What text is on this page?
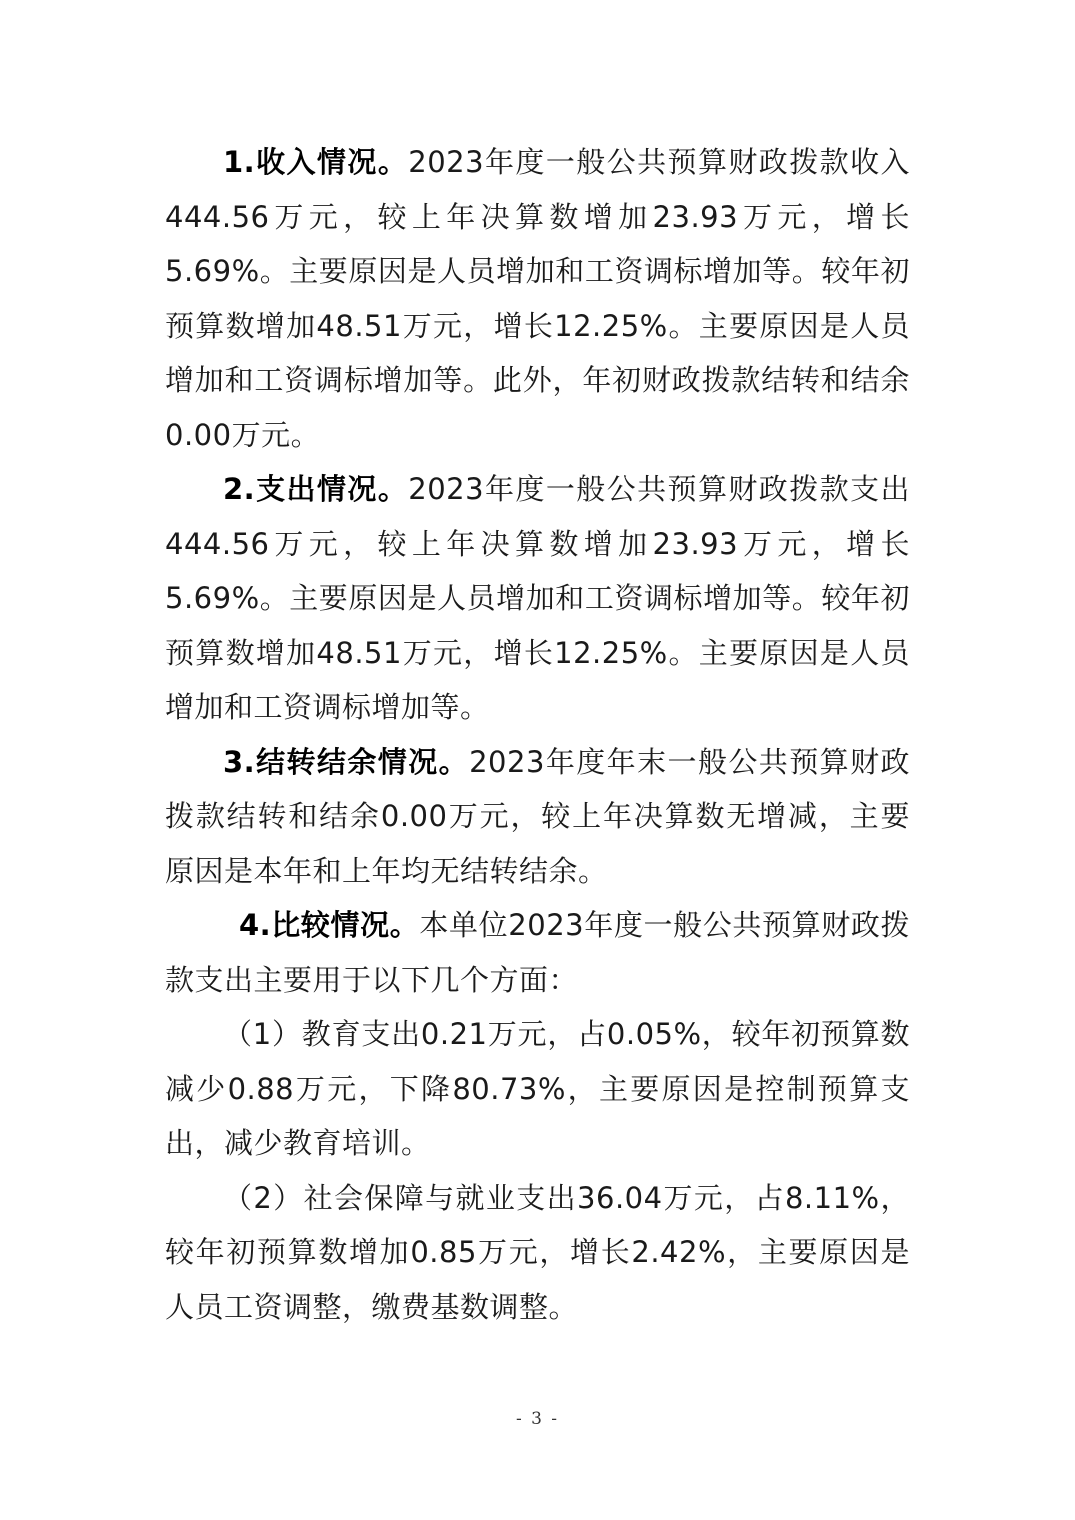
1.收入情况。2023年度一般公共预算财政拨款收入444.56万元，较上年决算数增加23.93万元，增长5.69%。主要原因是人员增加和工资调标增加等。较年初预算数增加48.51万元，增长12.25%。主要原因是人员增加和工资调标增加等。此外，年初财政拨款结转和结余0.00万元。

2.支出情况。2023年度一般公共预算财政拨款支出444.56万元，较上年决算数增加23.93万元，增长5.69%。主要原因是人员增加和工资调标增加等。较年初预算数增加48.51万元，增长12.25%。主要原因是人员增加和工资调标增加等。

3.结转结余情况。2023年度年末一般公共预算财政拨款结转和结余0.00万元，较上年决算数无增减，主要原因是本年和上年均无结转结余。

4.比较情况。本单位2023年度一般公共预算财政拨款支出主要用于以下几个方面：

（1）教育支出0.21万元，占0.05%，较年初预算数减少0.88万元，下降80.73%，主要原因是控制预算支出，减少教育培训。

（2）社会保障与就业支出36.04万元，占8.11%，较年初预算数增加0.85万元，增长2.42%，主要原因是人员工资调整，缴费基数调整。

- 3 -
